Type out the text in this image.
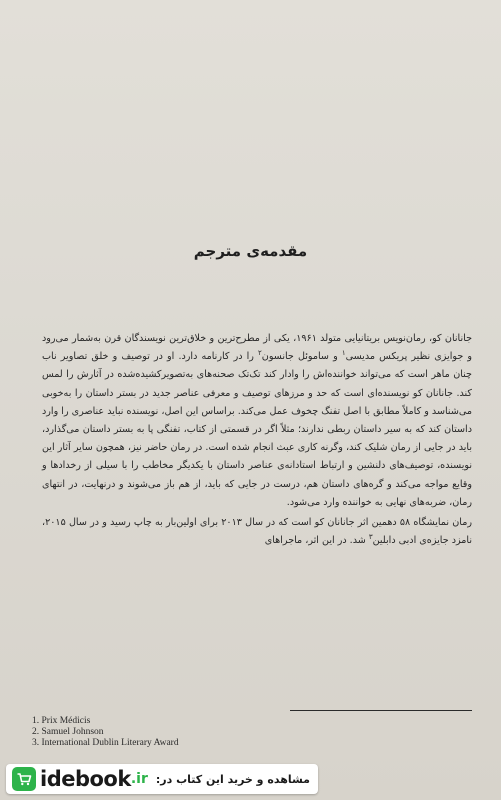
مقدمه‌ی مترجم

جانانان کو، رمان‌نویس بریتانیایی متولد ۱۹۶۱، یکی از مطرح‌ترین و خلاق‌ترین نویسندگان قرن به‌شمار می‌رود و جوایزی نظیر پریکس مدیسی$^۱$ و ساموئل جانسون$^۲$ را در کارنامه دارد. او در توصیف و خلق تصاویر ناب چنان ماهر است که می‌تواند خواننده‌اش را وادار کند تک‌تک صحنه‌های به‌تصویرکشیده‌شده در آثارش را لمس کند. جانانان کو نویسنده‌ای است که حد و مرزهای توصیف و معرفی عناصر جدید در بستر داستان را به‌خوبی می‌شناسد و کاملاً مطابق با اصل تفنگ چخوف عمل می‌کند. براساس این اصل، نویسنده نباید عناصری را وارد داستان کند که به سیر داستان ربطی ندارند؛ مثلاً اگر در قسمتی از کتاب، تفنگی پا به بستر داستان می‌گذارد، باید در جایی از رمان شلیک کند، وگرنه کاری عبث انجام شده است. در رمان حاضر نیز، همچون سایر آثار این نویسنده، توصیف‌های دلنشین و ارتباط استادانه‌ی عناصر داستان با یکدیگر مخاطب را با سیلی از رخدادها و وقایع مواجه می‌کند و گره‌های داستان هم، درست در جایی که باید، از هم باز می‌شوند و درنهایت، در انتهای رمان، ضربه‌های نهایی به خواننده وارد می‌شود.

رمان نمایشگاه ۵۸ دهمین اثر جانانان کو است که در سال ۲۰۱۳ برای اولین‌بار به چاپ رسید و در سال ۲۰۱۵، نامزد جایزه‌ی ادبی دابلین$^۳$ شد. در این اثر، ماجراهای

1. Prix Médicis
2. Samuel Johnson
3. International Dublin Literary Award
idebook .ir مشاهده و خرید این کتاب در:
